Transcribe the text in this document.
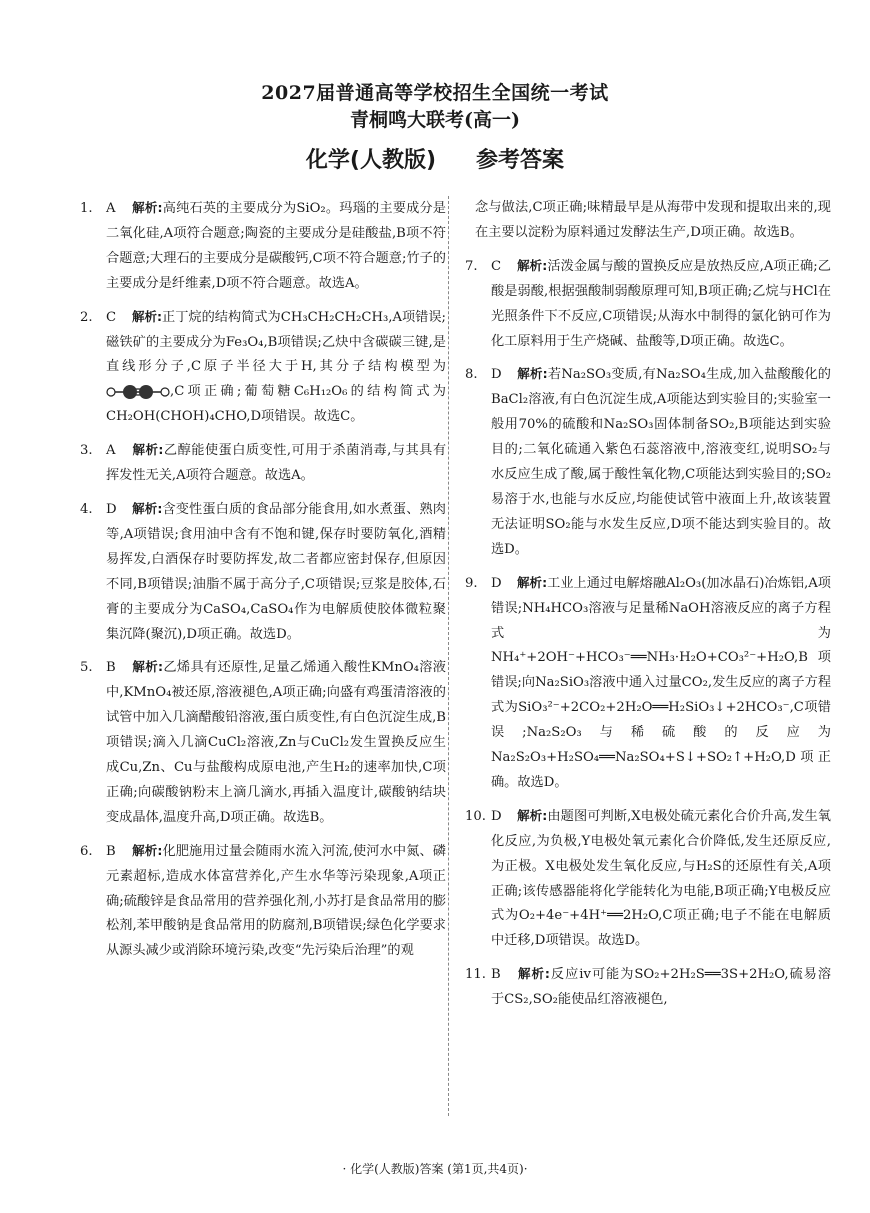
2027届普通高等学校招生全国统一考试
青桐鸣大联考(高一)
化学(人教版) 参考答案
1. A 解析:高纯石英的主要成分为SiO₂。玛瑙的主要成分是二氧化硅,A项符合题意;陶瓷的主要成分是硅酸盐,B项不符合题意;大理石的主要成分是碳酸钙,C项不符合题意;竹子的主要成分是纤维素,D项不符合题意。故选A。
2. C 解析:正丁烷的结构简式为CH₃CH₂CH₂CH₃,A项错误;磁铁矿的主要成分为Fe₃O₄,B项错误;乙炔中含碳碳三键,是直线形分子,C原子半径大于H,其分子结构模型为,C项正确;葡萄糖C₆H₁₂O₆的结构简式为CH₂OH(CHOH)₄CHO,D项错误。故选C。
3. A 解析:乙醇能使蛋白质变性,可用于杀菌消毒,与其具有挥发性无关,A项符合题意。故选A。
4. D 解析:含变性蛋白质的食品部分能食用,如水煮蛋、熟肉等,A项错误;食用油中含有不饱和键,保存时要防氧化,酒精易挥发,白酒保存时要防挥发,故二者都应密封保存,但原因不同,B项错误;油脂不属于高分子,C项错误;豆浆是胶体,石膏的主要成分为CaSO₄,CaSO₄作为电解质使胶体微粒聚集沉降(聚沉),D项正确。故选D。
5. B 解析:乙烯具有还原性,足量乙烯通入酸性KMnO₄溶液中,KMnO₄被还原,溶液褪色,A项正确;向盛有鸡蛋清溶液的试管中加入几滴醋酸铅溶液,蛋白质变性,有白色沉淀生成,B项错误;滴入几滴CuCl₂溶液,Zn与CuCl₂发生置换反应生成Cu,Zn、Cu与盐酸构成原电池,产生H₂的速率加快,C项正确;向碳酸钠粉末上滴几滴水,再插入温度计,碳酸钠结块变成晶体,温度升高,D项正确。故选B。
6. B 解析:化肥施用过量会随雨水流入河流,使河水中氮、磷元素超标,造成水体富营养化,产生水华等污染现象,A项正确;硫酸锌是食品常用的营养强化剂,小苏打是食品常用的膨松剂,苯甲酸钠是食品常用的防腐剂,B项错误;绿色化学要求从源头减少或消除环境污染,改变“先污染后治理”的观
念与做法,C项正确;味精最早是从海带中发现和提取出来的,现在主要以淀粉为原料通过发酵法生产,D项正确。故选B。
7. C 解析:活泼金属与酸的置换反应是放热反应,A项正确;乙酸是弱酸,根据强酸制弱酸原理可知,B项正确;乙烷与HCl在光照条件下不反应,C项错误;从海水中制得的氯化钠可作为化工原料用于生产烧碱、盐酸等,D项正确。故选C。
8. D 解析:若Na₂SO₃变质,有Na₂SO₄生成,加入盐酸酸化的BaCl₂溶液,有白色沉淀生成,A项能达到实验目的;实验室一般用70%的硫酸和Na₂SO₃固体制备SO₂,B项能达到实验目的;二氧化硫通入紫色石蕊溶液中,溶液变红,说明SO₂与水反应生成了酸,属于酸性氧化物,C项能达到实验目的;SO₂易溶于水,也能与水反应,均能使试管中液面上升,故该装置无法证明SO₂能与水发生反应,D项不能达到实验目的。故选D。
9. D 解析:工业上通过电解熔融Al₂O₃(加冰晶石)冶炼铝,A项错误;NH₄HCO₃溶液与足量稀NaOH溶液反应的离子方程式为NH₄⁺+2OH⁻+HCO₃⁻══NH₃·H₂O+CO₃²⁻+H₂O,B项错误;向Na₂SiO₃溶液中通入过量CO₂,发生反应的离子方程式为SiO₃²⁻+2CO₂+2H₂O══H₂SiO₃↓+2HCO₃⁻,C项错误;Na₂S₂O₃与稀硫酸的反应为Na₂S₂O₃+H₂SO₄══Na₂SO₄+S↓+SO₂↑+H₂O,D项正确。故选D。
10. D 解析:由题图可判断,X电极处硫元素化合价升高,发生氧化反应,为负极,Y电极处氧元素化合价降低,发生还原反应,为正极。X电极处发生氧化反应,与H₂S的还原性有关,A项正确;该传感器能将化学能转化为电能,B项正确;Y电极反应式为O₂+4e⁻+4H⁺══2H₂O,C项正确;电子不能在电解质中迁移,D项错误。故选D。
11. B 解析:反应iv可能为SO₂+2H₂S══3S+2H₂O,硫易溶于CS₂,SO₂能使品红溶液褪色,
· 化学(人教版)答案 (第1页,共4页)·
